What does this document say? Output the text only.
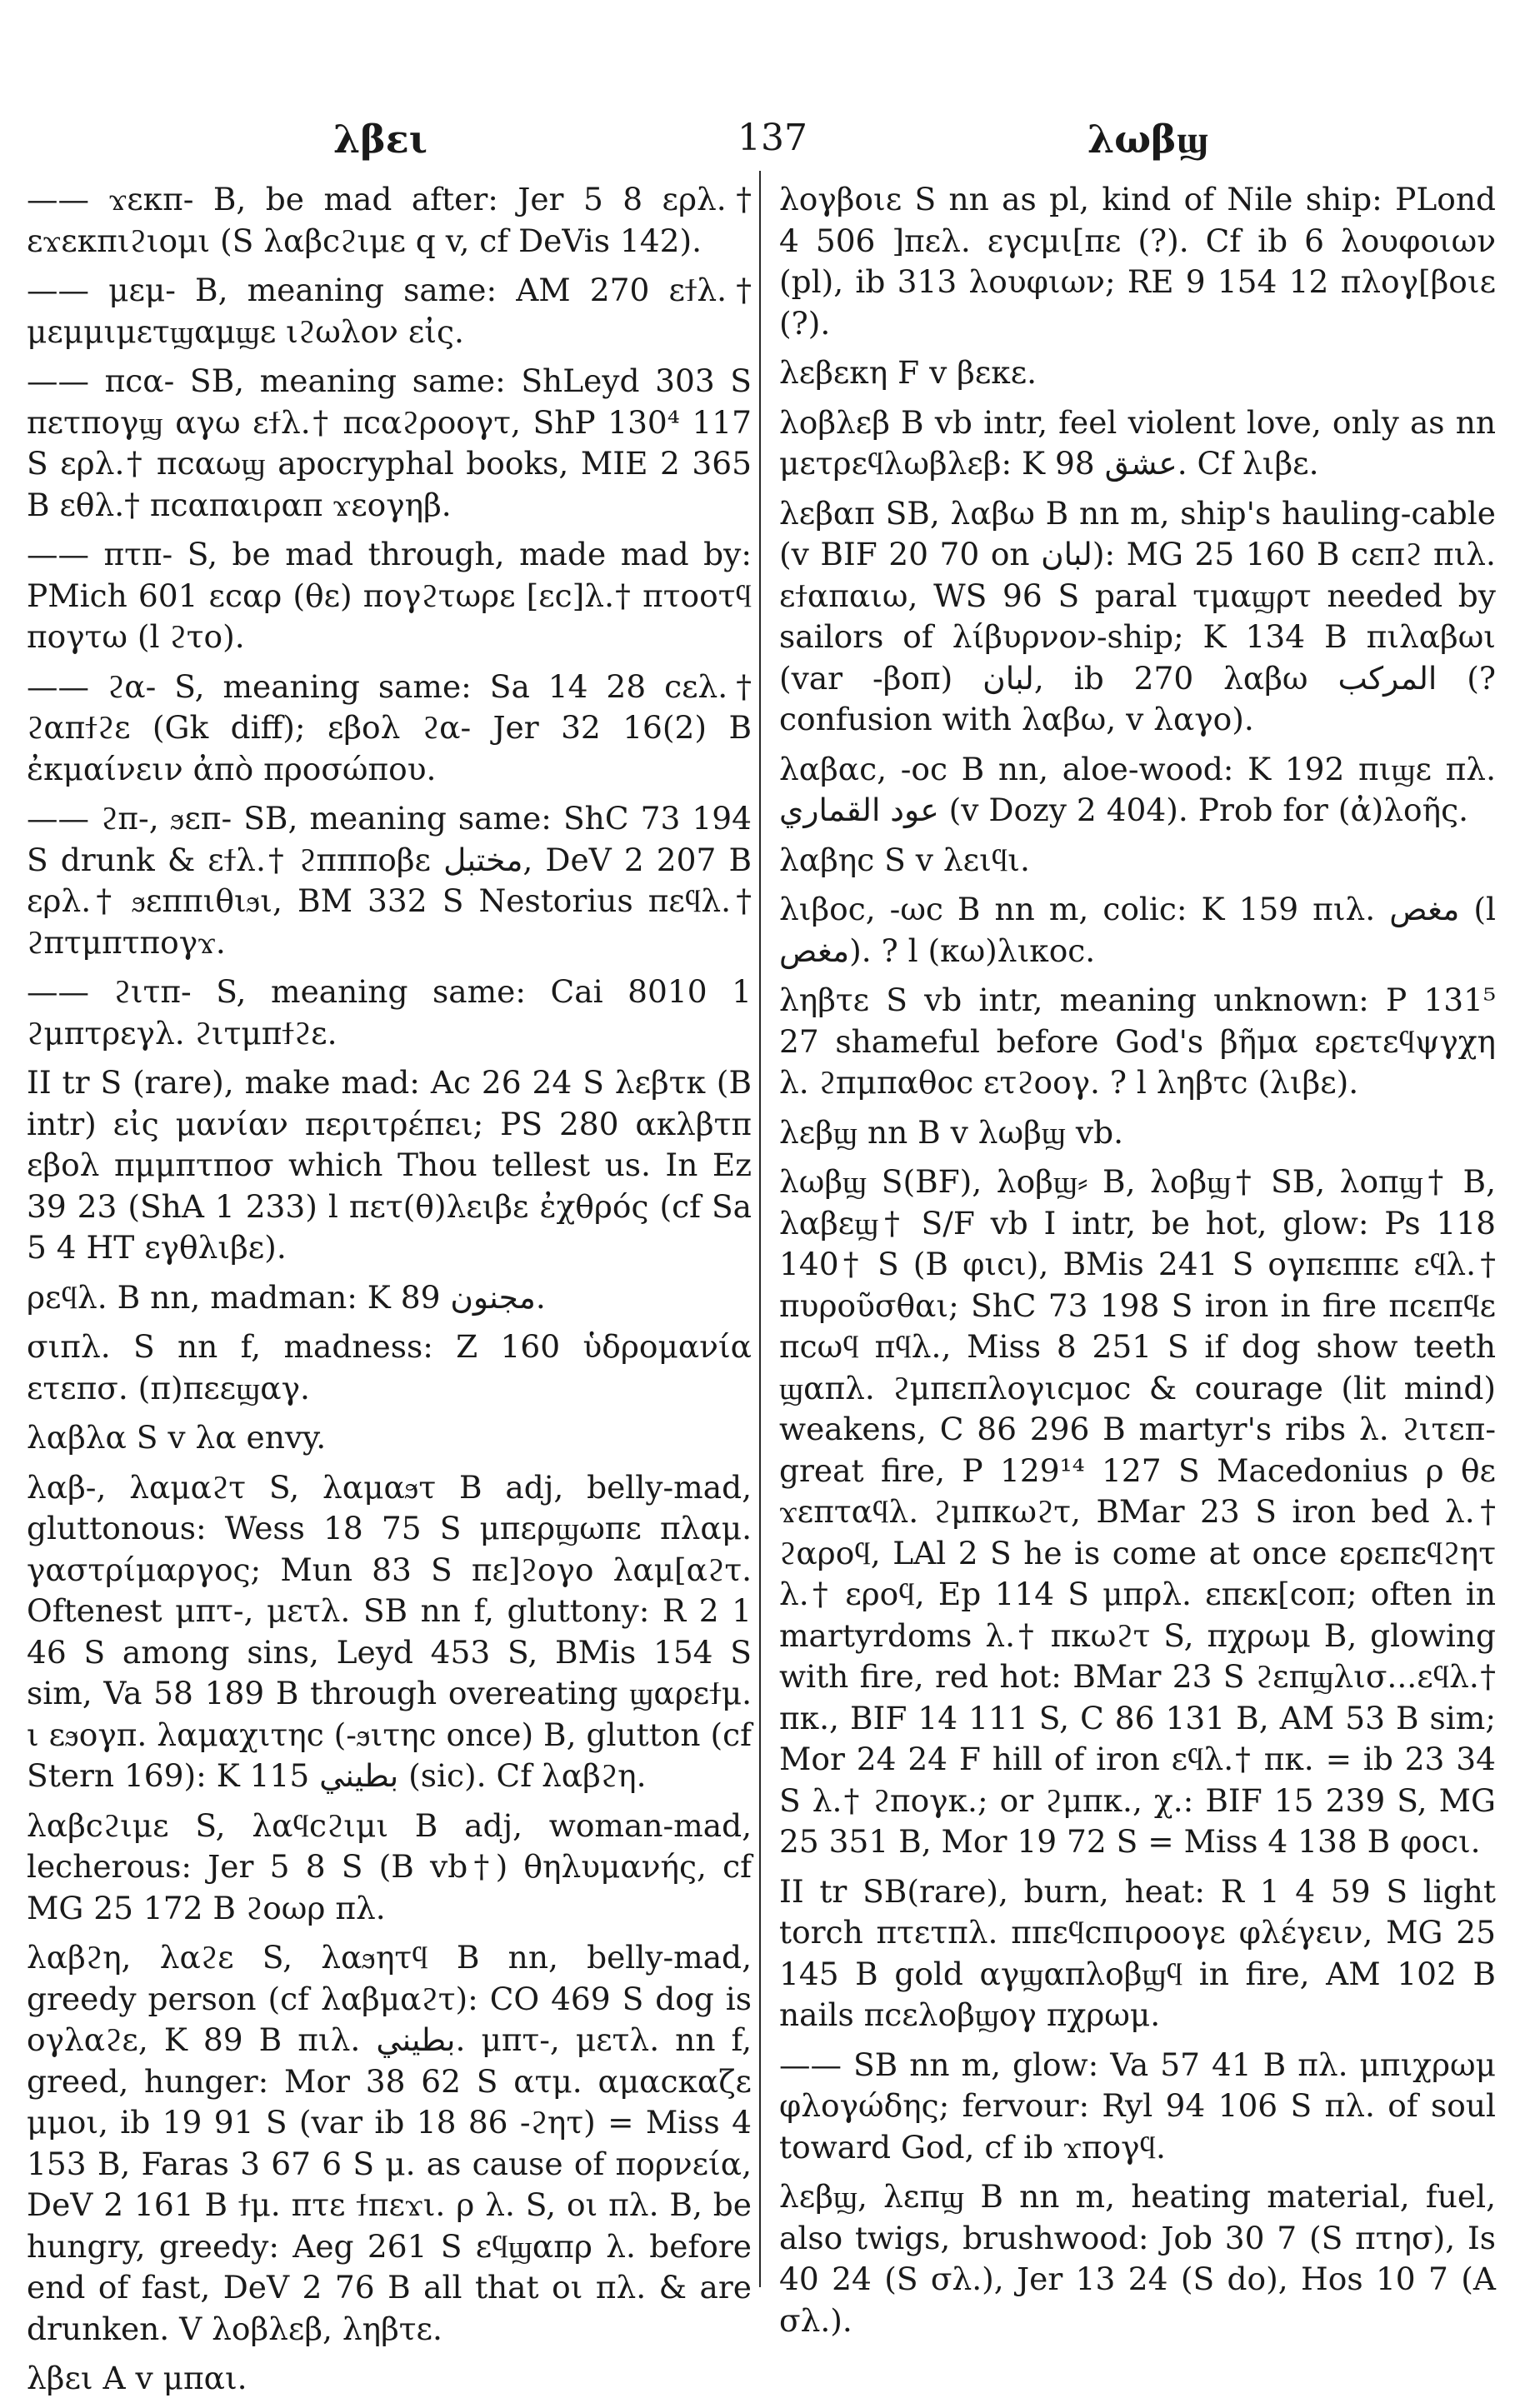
λβει	137	λωβϣ
—— ϫεκπ- B, be mad after: Jer 5 8 ερλ.† εϫεκπιϩιομι (S λαβϲϩιμε q v, cf DeVis 142).
—— μεμ- B, meaning same: AM 270 εϯλ.† μεμμιμετϣαμϣε ιϩωλον εἰς.
—— πϲα- SB, meaning same: ShLeyd 303 S πετπογϣ αγω εϯλ.† πϲαϩροογτ, ShP 130⁴ 117 S ερλ.† πϲαωϣ apocryphal books, MIE 2 365 B εθλ.† πϲαπαιραπ ϫεογηβ.
—— πτπ- S, be mad through, made mad by: PMich 601 εϲαρ (θε) πογϩτωρε [εϲ]λ.† πτοοτϥ πογτω (l ϩτο).
—— ϩα- S, meaning same: Sa 14 28 ϲελ.† ϩαπϯϩε (Gk diff); εβολ ϩα- Jer 32 16(2) B ἐκμαίνειν ἀπὸ προσώπου.
—— ϩπ-, ϧεπ- SB, meaning same: ShC 73 194 S drunk & εϯλ.† ϩπππoβε مختبل, DeV 2 207 B ερλ.† ϧεππιθιϧι, BM 332 S Nestorius πεϥλ.† ϩπτμπτπογϫ.
—— ϩιτπ- S, meaning same: Cai 8010 1 ϩμπτρεγλ. ϩιτμπϯϩε.
II tr S (rare), make mad: Ac 26 24 S λεβτκ (B intr) εἰς μανίαν περιτρέπει; PS 280 ακλβτπ εβολ πμμπτποσ which Thou tellest us. In Ez 39 23 (ShA 1 233) l πετ(θ)λειβε ἐχθρός (cf Sa 5 4 HT εγθλιβε).
ρεϥλ. B nn, madman: K 89 مجنون.
σιπλ. S nn f, madness: Z 160 ὑδρομανία ετεπσ. (π)πεεϣαγ.
λαβλα S v λα envy.
λαβ-, λαμαϩτ S, λαμαϧτ B adj, belly-mad, gluttonous: Wess 18 75 S μπερϣωπε πλαμ. γαστρίμαργος; Mun 83 S πε]ϩογο λαμ[αϩτ. Oftenest μπτ-, μετλ. SB nn f, gluttony: R 2 1 46 S among sins, Leyd 453 S, BMis 154 S sim, Va 58 189 B through overeating ϣαρεϯμ. ι εϧογπ. λαμαχιτηϲ (-ϧιτηϲ once) B, glutton (cf Stern 169): K 115 بطيني (sic). Cf λαβϩη.
λαβϲϩιμε S, λαϥϲϩιμι B adj, woman-mad, lecherous: Jer 5 8 S (B vb†) θηλυμανής, cf MG 25 172 B ϩοωρ πλ.
λαβϩη, λαϩε S, λαϧητϥ B nn, belly-mad, greedy person (cf λαβμαϩτ): CO 469 S dog is ογλαϩε, K 89 B πιλ. بطيني. μπτ-, μετλ. nn f, greed, hunger: Mor 38 62 S ατμ. αμαϲκαζε μμοι, ib 19 91 S (var ib 18 86 -ϩητ) = Miss 4 153 B, Faras 3 67 6 S μ. as cause of πορνεία, DeV 2 161 B ϯμ. πτε ϯπεϫι. ρ λ. S, οι πλ. B, be hungry, greedy: Aeg 261 S εϥϣαπρ λ. before end of fast, DeV 2 76 B all that οι πλ. & are drunken. V λοβλεβ, ληβτε.
λβει A v μπαι.
λογβοιε S nn as pl, kind of Nile ship: PLond 4 506 ]πελ. εγϲμι[πε (?). Cf ib 6 λουφοιων (pl), ib 313 λουφιων; RE 9 154 12 πλογ[βοιε (?).
λεβεκη F v βεκε.
λοβλεβ B vb intr, feel violent love, only as nn μετρεϥλωβλεβ: K 98 عشق. Cf λιβε.
λεβαπ SB, λαβω B nn m, ship's hauling-cable (v BIF 20 70 on لبان): MG 25 160 B ϲεπϩ πιλ. εϯαπαιω, WS 96 S paral τμαϣρτ needed by sailors of λίβυρνον-ship; K 134 B πιλαβωι (var -βοπ) لبان, ib 270 λαβω المركب (? confusion with λαβω, v λαγο).
λαβαϲ, -οϲ B nn, aloe-wood: K 192 πιϣε πλ. عود القماري (v Dozy 2 404). Prob for (ἀ)λοῆς.
λαβηϲ S v λειϥι.
λιβοϲ, -ωϲ B nn m, colic: K 159 πιλ. مغص (l مغص). ? l (κω)λικοϲ.
ληβτε S vb intr, meaning unknown: P 131⁵ 27 shameful before God's βῆμα ερετεϥψγχη λ. ϩπμπαθοϲ ετϩοογ. ? l ληβτϲ (λιβε).
λεβϣ nn B v λωβϣ vb.
λωβϣ S(BF), λοβϣ⸗ B, λοβϣ† SB, λοπϣ† B, λαβεϣ† S/F vb I intr, be hot, glow: Ps 118 140† S (B φιϲι), BMis 241 S ογπεππε εϥλ.† πυροῦσθαι; ShC 73 198 S iron in fire πϲεπϥε πϲωϥ πϥλ., Miss 8 251 S if dog show teeth ϣαπλ. ϩμπεπλογιϲμοϲ & courage (lit mind) weakens, C 86 296 B martyr's ribs λ. ϩιτεπ- great fire, P 129¹⁴ 127 S Macedonius ρ θε ϫεπταϥλ. ϩμπκωϩτ, BMar 23 S iron bed λ.† ϩαροϥ, LAl 2 S he is come at once ερεπεϥϩητ λ.† εροϥ, Ep 114 S μπρλ. επεκ[ϲοπ; often in martyrdoms λ.† πκωϩτ S, πχρωμ B, glowing with fire, red hot: BMar 23 S ϩεπϣλισ...εϥλ.† πκ., BIF 14 111 S, C 86 131 B, AM 53 B sim; Mor 24 24 F hill of iron εϥλ.† πκ. = ib 23 34 S λ.† ϩπογκ.; or ϩμπκ., χ.: BIF 15 239 S, MG 25 351 B, Mor 19 72 S = Miss 4 138 B φοϲι.
II tr SB(rare), burn, heat: R 1 4 59 S light torch πτετπλ. ππεϥϲπιροογε φλέγειν, MG 25 145 B gold αγϣαπλοβϣϥ in fire, AM 102 B nails πϲελοβϣογ πχρωμ.
—— SB nn m, glow: Va 57 41 B πλ. μπιχρωμ φλογώδης; fervour: Ryl 94 106 S πλ. of soul toward God, cf ib ϫπογϥ.
λεβϣ, λεπϣ B nn m, heating material, fuel, also twigs, brushwood: Job 30 7 (S πτησ), Is 40 24 (S σλ.), Jer 13 24 (S do), Hos 10 7 (A σλ.).
